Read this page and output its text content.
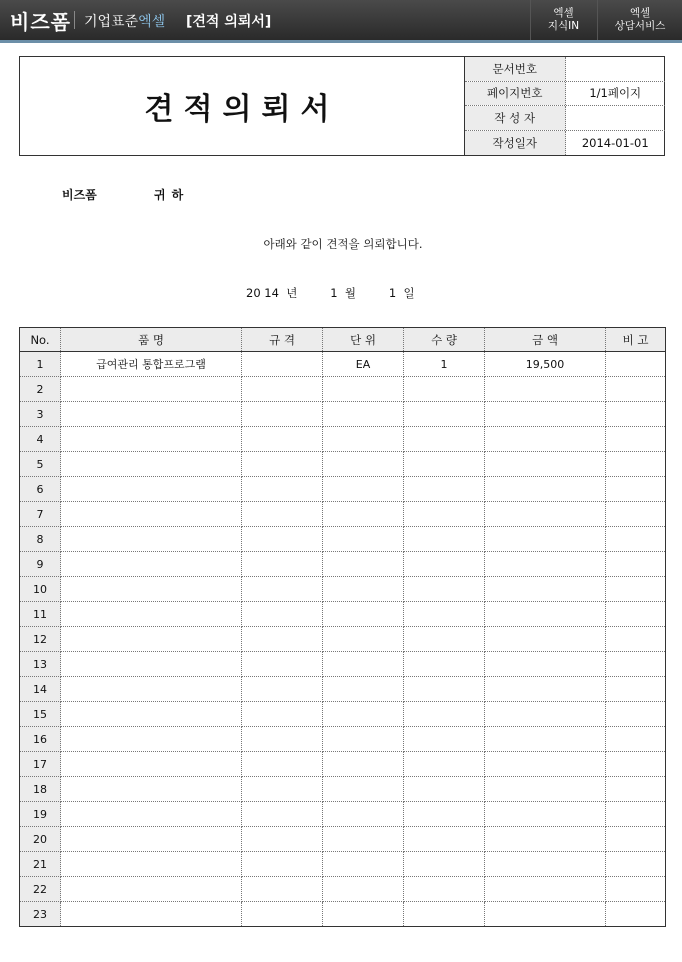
비즈폼 기업표준엑셀 [견적 의뢰서]
엑셀
지식IN
엑셀
상담서비스
견적의뢰서
문서번호
페이지번호	1/1페이지
작 성 자
작성일자	2014-01-01
비즈폼	귀하
아래와 같이 견적을 의뢰합니다.
20 14  년         1  월         1  일
No.	품 명	규 격	단 위	수 량	금 액	비 고
1	급여관리 통합프로그램		EA	1	19,500	
2						
3						
4						
5						
6						
7						
8						
9						
10						
11						
12						
13						
14						
15						
16						
17						
18						
19						
20						
21						
22						
23						
